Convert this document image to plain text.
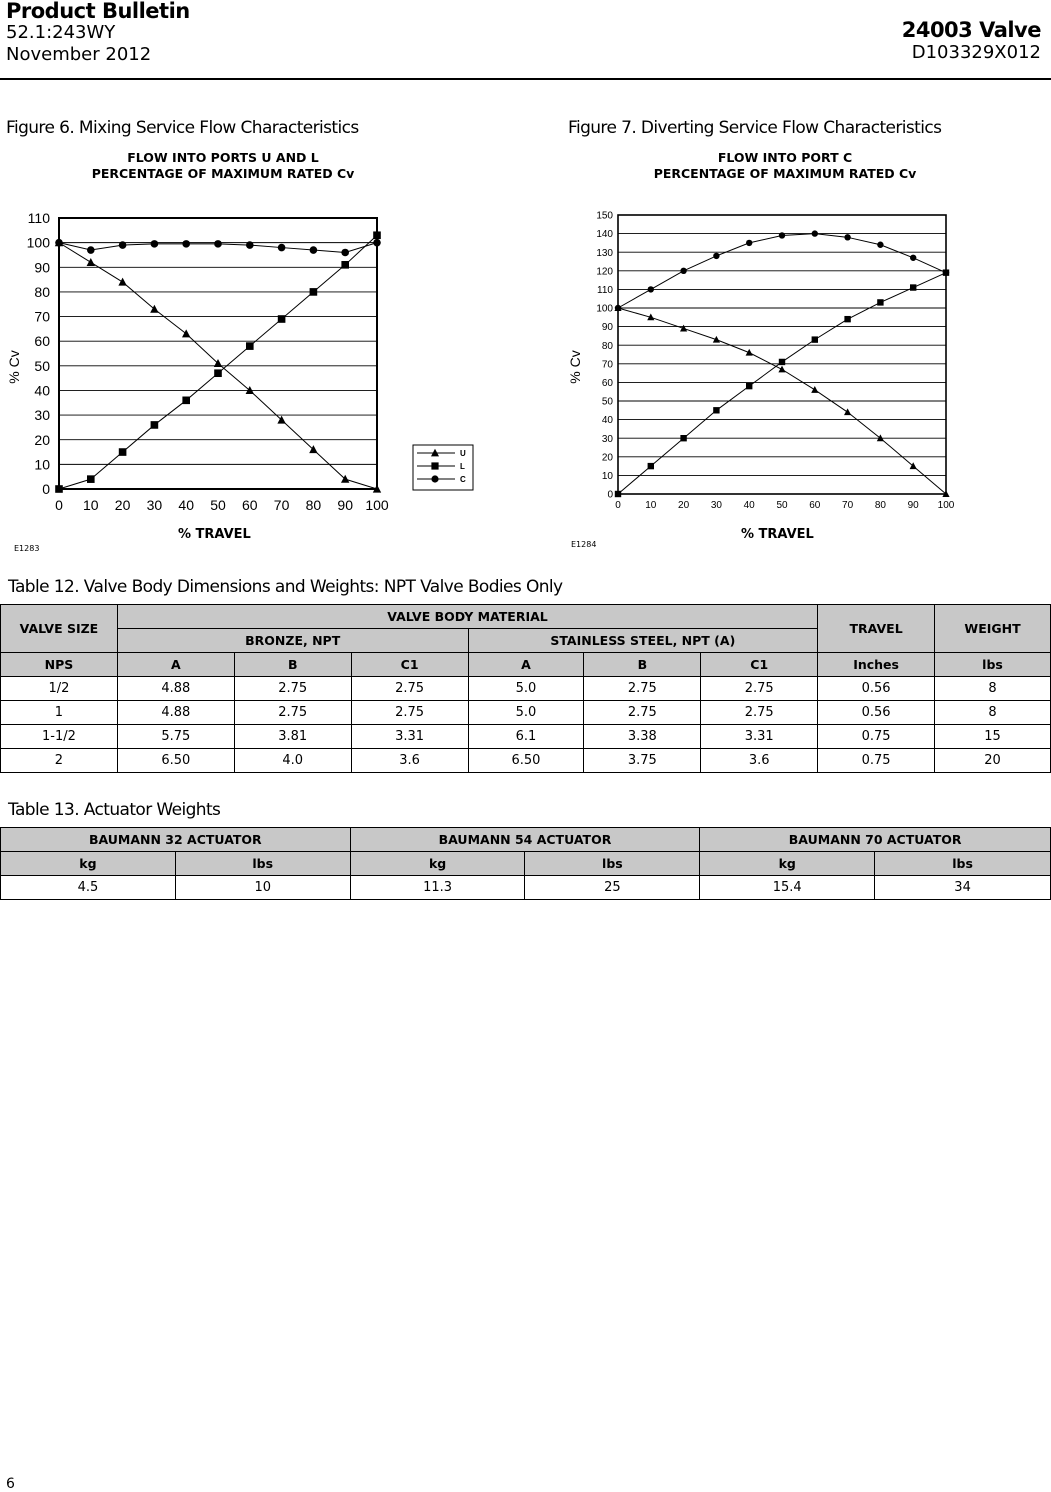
Product Bulletin
52.1:243WY
November 2012
24003 Valve
D103329X012
Figure 6. Mixing Service Flow Characteristics
FLOW INTO PORTS U AND L
PERCENTAGE OF MAXIMUM RATED Cv
0
10
20
30
40
50
60
70
80
90
100
110
0 10 20 30 40 50 60 70 80 90 100
% Cv
U
L
C
% TRAVEL
E1283
Figure 7. Diverting Service Flow Characteristics
FLOW INTO PORT C
PERCENTAGE OF MAXIMUM RATED Cv
0
10
20
30
40
50
60
70
80
90
100
110
120
130
140
150
0 10 20 30 40 50 60 70 80 90 100
% Cv
% TRAVEL
E1284
Table 12. Valve Body Dimensions and Weights: NPT Valve Bodies Only
VALVE SIZE	VALVE BODY MATERIAL						TRAVEL	WEIGHT
	BRONZE, NPT			STAINLESS STEEL, NPT (A)				
NPS	A	B	C1	A	B	C1	Inches	lbs
1/2	4.88	2.75	2.75	5.0	2.75	2.75	0.56	8
1	4.88	2.75	2.75	5.0	2.75	2.75	0.56	8
1-1/2	5.75	3.81	3.31	6.1	3.38	3.31	0.75	15
2	6.50	4.0	3.6	6.50	3.75	3.6	0.75	20
Table 13. Actuator Weights
BAUMANN 32 ACTUATOR		BAUMANN 54 ACTUATOR		BAUMANN 70 ACTUATOR	
kg	lbs	kg	lbs	kg	lbs
4.5	10	11.3	25	15.4	34
6
